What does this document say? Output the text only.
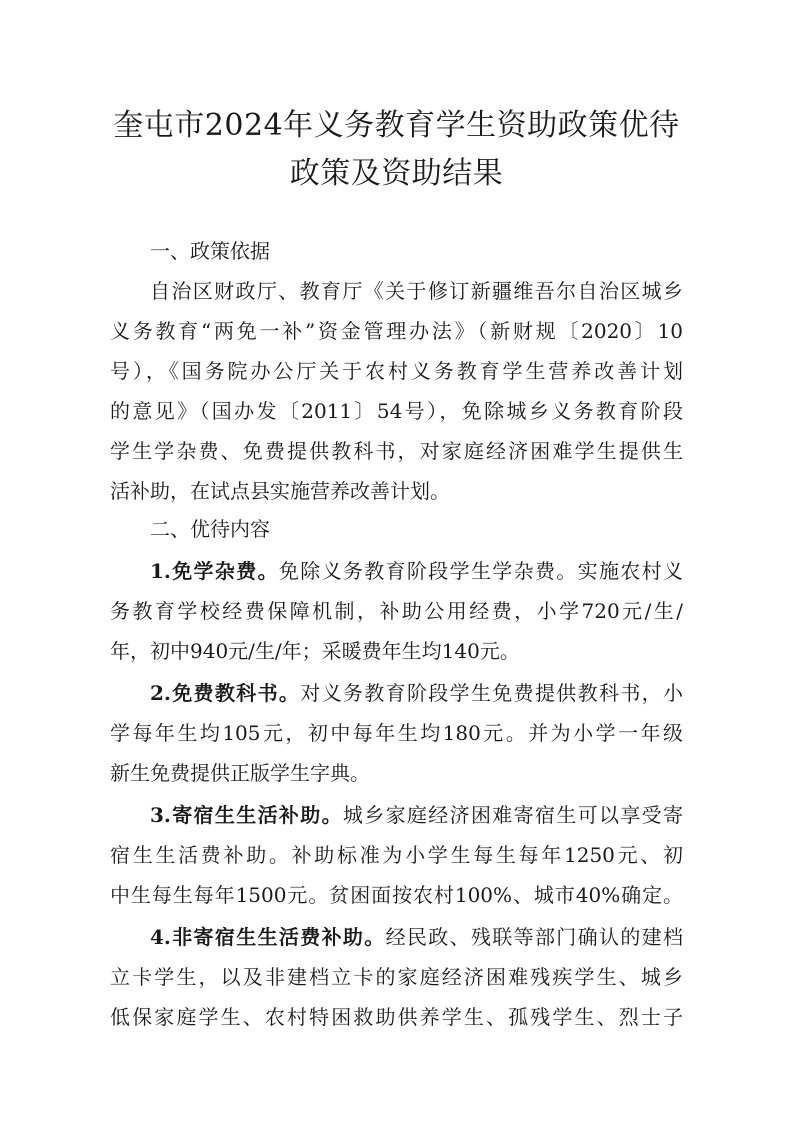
奎屯市2024年义务教育学生资助政策优待
政策及资助结果

一、政策依据

自治区财政厅、教育厅《关于修订新疆维吾尔自治区城乡

义务教育“两免一补”资金管理办法》（新财规〔2020〕10

号），《国务院办公厅关于农村义务教育学生营养改善计划

的意见》（国办发〔2011〕54号），免除城乡义务教育阶段

学生学杂费、免费提供教科书，对家庭经济困难学生提供生

活补助，在试点县实施营养改善计划。

二、优待内容

1.免学杂费。免除义务教育阶段学生学杂费。实施农村义

务教育学校经费保障机制，补助公用经费，小学720元/生/

年，初中940元/生/年；采暖费年生均140元。

2.免费教科书。对义务教育阶段学生免费提供教科书，小

学每年生均105元，初中每年生均180元。并为小学一年级

新生免费提供正版学生字典。

3.寄宿生生活补助。城乡家庭经济困难寄宿生可以享受寄

宿生生活费补助。补助标准为小学生每生每年1250元、初

中生每生每年1500元。贫困面按农村100%、城市40%确定。

4.非寄宿生生活费补助。经民政、残联等部门确认的建档

立卡学生，以及非建档立卡的家庭经济困难残疾学生、城乡

低保家庭学生、农村特困救助供养学生、孤残学生、烈士子
